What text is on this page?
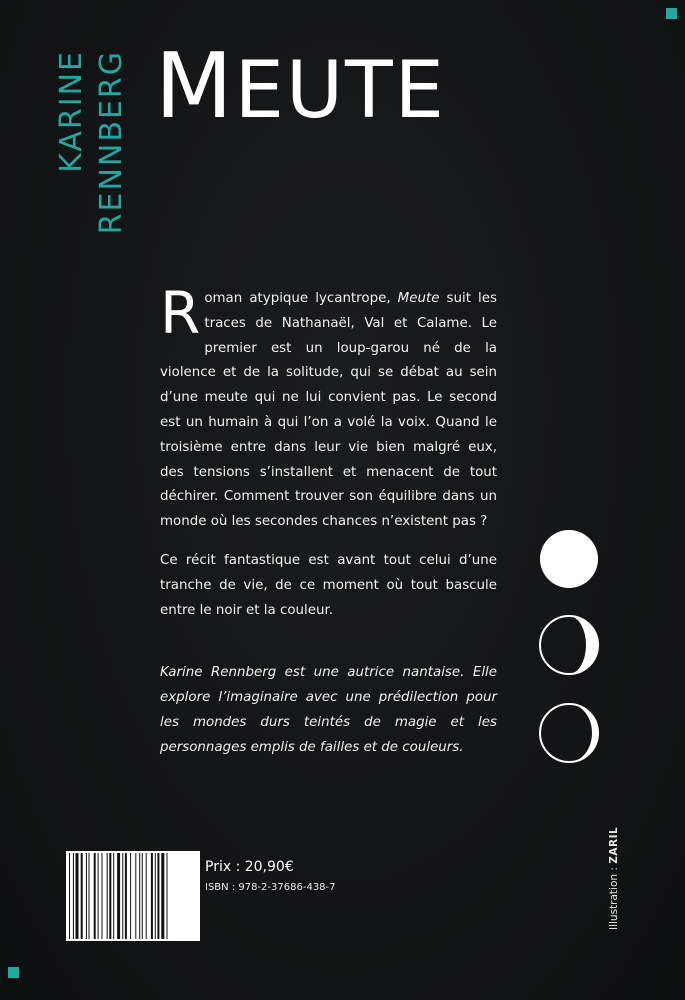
KARINE RENNBERG MEUTE

Roman atypique lycantrope, Meute suit les traces de Nathanaël, Val et Calame. Le premier est un loup-garou né de la violence et de la solitude, qui se débat au sein d’une meute qui ne lui convient pas. Le second est un humain à qui l’on a volé la voix. Quand le troisième entre dans leur vie bien malgré eux, des tensions s’installent et menacent de tout déchirer. Comment trouver son équilibre dans un monde où les secondes chances n’existent pas ?

Ce récit fantastique est avant tout celui d’une tranche de vie, de ce moment où tout bascule entre le noir et la couleur.

Karine Rennberg est une autrice nantaise. Elle explore l’imaginaire avec une prédilection pour les mondes durs teintés de magie et les personnages emplis de failles et de couleurs.

Prix : 20,90€
ISBN : 978-2-37686-438-7	Illustration : ZARIL
